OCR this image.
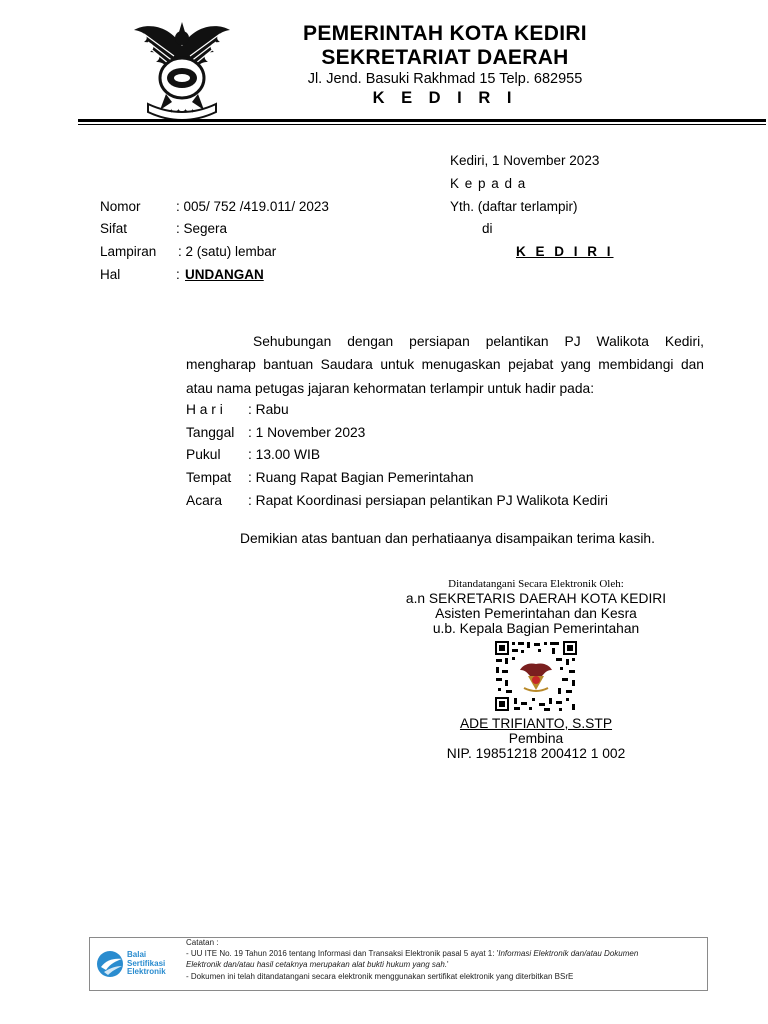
✦ ✦ ✦ ✦
PEMERINTAH KOTA KEDIRI
SEKRETARIAT DAERAH
Jl. Jend. Basuki Rakhmad 15 Telp. 682955
K E D I R I
Kediri, 1 November 2023
K e p a d a
Yth. (daftar terlampir)
di
K E D I R I
Nomor	: 005/ 752 /419.011/ 2023
Sifat	: Segera
Lampiran : 2 (satu) lembar
Hal	: UNDANGAN
Sehubungan dengan persiapan pelantikan PJ Walikota Kediri, mengharap bantuan Saudara untuk menugaskan pejabat yang membidangi dan atau nama petugas jajaran kehormatan terlampir untuk hadir pada:
H a r i : Rabu
Tanggal : 1 November 2023
Pukul : 13.00 WIB
Tempat : Ruang Rapat Bagian Pemerintahan
Acara : Rapat Koordinasi persiapan pelantikan PJ Walikota Kediri
Demikian atas bantuan dan perhatiaanya disampaikan terima kasih.
Ditandatangani Secara Elektronik Oleh:
a.n SEKRETARIS DAERAH KOTA KEDIRI
Asisten Pemerintahan dan Kesra
u.b. Kepala Bagian Pemerintahan
ADE TRIFIANTO, S.STP
Pembina
NIP. 19851218 200412 1 002
Balai
Sertifikasi
Elektronik
Catatan :
- UU ITE No. 19 Tahun 2016 tentang Informasi dan Transaksi Elektronik pasal 5 ayat 1: 'Informasi Elektronik dan/atau Dokumen
Elektronik dan/atau hasil cetaknya merupakan alat bukti hukum yang sah.'
- Dokumen ini telah ditandatangani secara elektronik menggunakan sertifikat elektronik yang diterbitkan BSrE
